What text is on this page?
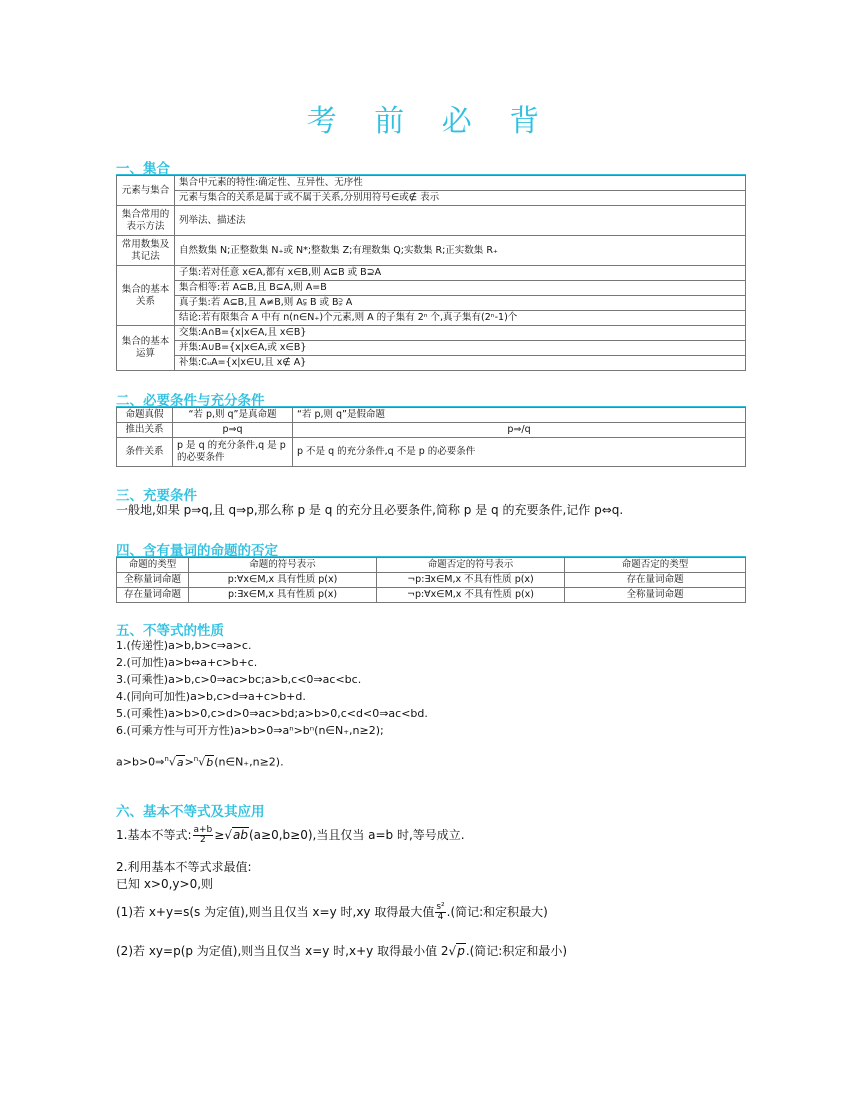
考 前 必 背
一、集合
元素与集合	集合中元素的特性:确定性、互异性、无序性
	元素与集合的关系是属于或不属于关系,分别用符号∈或∉ 表示
集合常用的表示方法	列举法、描述法
常用数集及其记法	自然数集 N;正整数集 N₊或 N*;整数集 Z;有理数集 Q;实数集 R;正实数集 R₊
集合的基本关系	子集:若对任意 x∈A,都有 x∈B,则 A⊆B 或 B⊇A
	集合相等:若 A⊆B,且 B⊆A,则 A=B
	真子集:若 A⊆B,且 A≠B,则 A⫋ B 或 B⫌ A
	结论:若有限集合 A 中有 n(n∈N₊)个元素,则 A 的子集有 2ⁿ 个,真子集有(2ⁿ-1)个
集合的基本运算	交集:A∩B={x|x∈A,且 x∈B}
	并集:A∪B={x|x∈A,或 x∈B}
	补集:∁ᵤA={x|x∈U,且 x∉ A}
二、必要条件与充分条件
命题真假	“若 p,则 q”是真命题	“若 p,则 q”是假命题
推出关系	p⇒q	p⇒/q
条件关系	p 是 q 的充分条件,q 是 p 的必要条件	p 不是 q 的充分条件,q 不是 p 的必要条件
三、充要条件
一般地,如果 p⇒q,且 q⇒p,那么称 p 是 q 的充分且必要条件,简称 p 是 q 的充要条件,记作 p⇔q.
四、含有量词的命题的否定
命题的类型	命题的符号表示	命题否定的符号表示	命题否定的类型
全称量词命题	p:∀x∈M,x 具有性质 p(x)	¬p:∃x∈M,x 不具有性质 p(x)	存在量词命题
存在量词命题	p:∃x∈M,x 具有性质 p(x)	¬p:∀x∈M,x 不具有性质 p(x)	全称量词命题
五、不等式的性质
1.(传递性)a>b,b>c⇒a>c.
2.(可加性)a>b⇔a+c>b+c.
3.(可乘性)a>b,c>0⇒ac>bc;a>b,c<0⇒ac<bc.
4.(同向可加性)a>b,c>d⇒a+c>b+d.
5.(可乘性)a>b>0,c>d>0⇒ac>bd;a>b>0,c<d<0⇒ac<bd.
6.(可乘方性与可开方性)a>b>0⇒aⁿ>bⁿ(n∈N₊,n≥2);
a>b>0⇒$^n$√a>$^n$√b(n∈N₊,n≥2).
六、基本不等式及其应用
1.基本不等式: $\frac{a+b}{2} \ge√ab(a\ge 0,b\ge 0)$,当且仅当 a=b 时,等号成立.
2.利用基本不等式求最值:
已知 x>0,y>0,则
(1)若 x+y=s(s 为定值),则当且仅当 x=y 时,xy 取得最大值 $\frac{\text{s²}}{4}$ .(简记:和定积最大)
(2)若 xy=p(p 为定值),则当且仅当 x=y 时,x+y 取得最小值 2√p.(简记:积定和最小)
